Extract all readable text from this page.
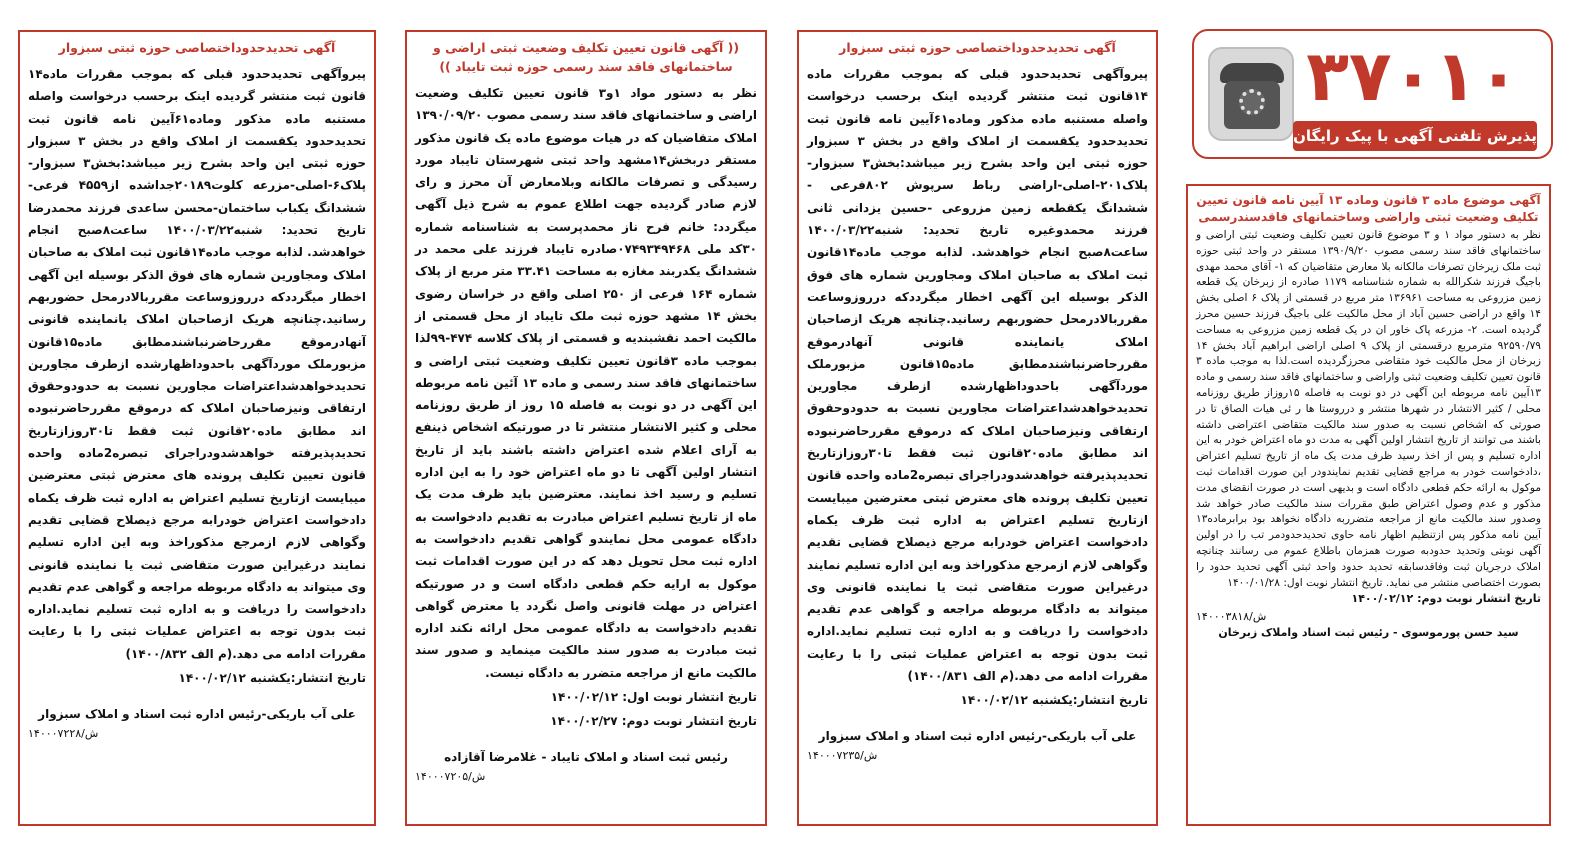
آگهی تحدیدحدوداختصاصی حوزه ثبتی سبزوار
پیروآگهی تحدیدحدود قبلی که بموجب مقررات ماده۱۴ قانون ثبت منتشر گردیده اینک برحسب درخواست واصله مستنبه ماده مذکور وماده۶۱آیین نامه قانون ثبت تحدیدحدود یکقسمت از املاک واقع در بخش ۳ سبزوار حوزه ثبتی این واحد بشرح زیر میباشد:بخش۳ سبزوار- پلاک۶-اصلی-مزرعه کلوت۲۰۱۸۹جداشده از۴۵۵۹ فرعی-ششدانگ یکباب ساختمان-محسن ساعدی فرزند محمدرضا تاریخ تحدید: شنبه۱۴۰۰/۰۳/۲۲ ساعت۸صبح انجام خواهدشد. لذابه موجب ماده۱۴قانون ثبت املاک به صاحبان املاک ومجاورین شماره های فوق الذکر بوسیله این آگهی اخطار میگرددکه درروزوساعت مقرربالادرمحل حضوربهم رسانید.چنانچه هریک ازصاحبان املاک یانماینده قانونی آنهادرموقع مقررحاضرنباشندمطابق ماده۱۵قانون مزبورملک موردآگهی باحدوداظهارشده ازطرف مجاورین تحدیدخواهدشداعتراضات مجاورین نسبت به حدودوحقوق ارتفاقی ونیزصاحبان املاک که درموقع مقررحاضرنبوده اند مطابق ماده۲۰قانون ثبت فقط تا۳۰روزازتاریخ تحدیدپذیرفته خواهدشدودراجرای تبصره2ماده واحده قانون تعیین تکلیف پرونده های معترض ثبتی معترضین میبایست ازتاریخ تسلیم اعتراض به اداره ثبت ظرف یکماه دادخواست اعتراض خودرابه مرجع ذیصلاح قضایی تقدیم وگواهی لازم ازمرجع مذکوراخذ وبه این اداره تسلیم نمایند درغیراین صورت متقاضی ثبت یا نماینده قانونی وی میتواند به دادگاه مربوطه مراجعه و گواهی عدم تقدیم دادخواست را دریافت و به اداره ثبت تسلیم نماید.اداره ثبت بدون توجه به اعتراض عملیات ثبتی را با رعایت مقررات ادامه می دهد.(م الف ۱۴۰۰/۸۳۲)
تاریخ انتشار:یکشنبه ۱۴۰۰/۰۲/۱۲
علی آب باریکی-رئیس اداره ثبت اسناد و املاک سبزوار
۱۴۰۰۰۷۲۲۸/ش
(( آگهی قانون تعیین تکلیف وضعیت ثبتی اراضی و ساختمانهای فاقد سند رسمی حوزه ثبت تایباد ))
نظر به دستور مواد ۱و۳ قانون تعیین تکلیف وضعیت اراضی و ساختمانهای فاقد سند رسمی مصوب ۱۳۹۰/۰۹/۲۰ املاک متقاضیان که در هیات موضوع ماده یک قانون مذکور مستقر دربخش۱۴مشهد واحد ثبتی شهرستان تایباد مورد رسیدگی و تصرفات مالکانه وبلامعارض آن محرز و رای لازم صادر گردیده جهت اطلاع عموم به شرح ذیل آگهی میگردد: خانم فرح ناز محمدپرست به شناسنامه شماره ۳۰کد ملی ۰۷۴۹۳۴۹۴۶۸صادره تایباد فرزند علی محمد در ششدانگ یکدربند مغازه به مساحت ۳۳.۴۱ متر مربع از پلاک شماره ۱۶۴ فرعی از ۲۵۰ اصلی واقع در خراسان رضوی بخش ۱۴ مشهد حوزه ثبت ملک تایباد از محل قسمتی از مالکیت احمد نقشبندیه و قسمتی از پلاک کلاسه ۴۷۴-۹۹لذا بموجب ماده ۳قانون تعیین تکلیف وضعیت ثبتی اراضی و ساختمانهای فاقد سند رسمی و ماده ۱۳ آئین نامه مربوطه این آگهی در دو نوبت به فاصله ۱۵ روز از طریق روزنامه محلی و کثیر الانتشار منتشر تا در صورتیکه اشخاص ذینفع به آرای اعلام شده اعتراض داشته باشند باید از تاریخ انتشار اولین آگهی تا دو ماه اعتراض خود را به این اداره تسلیم و رسید اخذ نمایند. معترضین باید ظرف مدت یک ماه از تاریخ تسلیم اعتراض مبادرت به تقدیم دادخواست به دادگاه عمومی محل نمایندو گواهی تقدیم دادخواست به اداره ثبت محل تحویل دهد که در این صورت اقدامات ثبت موکول به ارایه حکم قطعی دادگاه است و در صورتیکه اعتراض در مهلت قانونی واصل نگردد یا معترض گواهی تقدیم دادخواست به دادگاه عمومی محل ارائه نکند اداره ثبت مبادرت به صدور سند مالکیت مینماید و صدور سند مالکیت مانع از مراجعه متضرر به دادگاه نیست.
تاریخ انتشار نوبت اول: ۱۴۰۰/۰۲/۱۲
تاریخ انتشار نوبت دوم: ۱۴۰۰/۰۲/۲۷
رئیس ثبت اسناد و املاک تایباد - غلامرضا آقازاده
۱۴۰۰۰۷۲۰۵/ش
آگهی تحدیدحدوداختصاصی حوزه ثبتی سبزوار
پیروآگهی تحدیدحدود قبلی که بموجب مقررات ماده ۱۴قانون ثبت منتشر گردیده اینک برحسب درخواست واصله مستنبه ماده مذکور وماده۶۱آیین نامه قانون ثبت تحدیدحدود یکقسمت از املاک واقع در بخش ۳ سبزوار حوزه ثبتی این واحد بشرح زیر میباشد:بخش۳ سبزوار- پلاک۲۰۱-اصلی-اراضی رباط سرپوش ۸۰۲فرعی - ششدانگ یکقطعه زمین مزروعی -حسین یزدانی ثانی فرزند محمدوغیره تاریخ تحدید: شنبه۱۴۰۰/۰۳/۲۲ ساعت۸صبح انجام خواهدشد. لذابه موجب ماده۱۴قانون ثبت املاک به صاحبان املاک ومجاورین شماره های فوق الذکر بوسیله این آگهی اخطار میگرددکه درروزوساعت مقرربالادرمحل حضوربهم رسانید.چنانچه هریک ازصاحبان املاک یانماینده قانونی آنهادرموقع مقررحاضرنباشندمطابق ماده۱۵قانون مزبورملک موردآگهی باحدوداظهارشده ازطرف مجاورین تحدیدخواهدشداعتراضات مجاورین نسبت به حدودوحقوق ارتفاقی ونیزصاحبان املاک که درموقع مقررحاضرنبوده اند مطابق ماده۲۰قانون ثبت فقط تا۳۰روزازتاریخ تحدیدپذیرفته خواهدشدودراجرای تبصره2ماده واحده قانون تعیین تکلیف پرونده های معترض ثبتی معترضین میبایست ازتاریخ تسلیم اعتراض به اداره ثبت ظرف یکماه دادخواست اعتراض خودرابه مرجع ذیصلاح قضایی تقدیم وگواهی لازم ازمرجع مذکوراخذ وبه این اداره تسلیم نمایند درغیراین صورت متقاضی ثبت یا نماینده قانونی وی میتواند به دادگاه مربوطه مراجعه و گواهی عدم تقدیم دادخواست را دریافت و به اداره ثبت تسلیم نماید.اداره ثبت بدون توجه به اعتراض عملیات ثبتی را با رعایت مقررات ادامه می دهد.(م الف ۱۴۰۰/۸۳۱)
تاریخ انتشار:یکشنبه ۱۴۰۰/۰۲/۱۲
علی آب باریکی-رئیس اداره ثبت اسناد و املاک سبزوار
۱۴۰۰۰۷۲۳۵/ش
۳۷۰۱۰
پذیرش تلفنی آگهی با پیک رایگان
آگهی موضوع ماده ۳ قانون وماده ۱۳ آیین نامه قانون تعیین تکلیف وضعیت ثبتی واراضی وساختمانهای فاقدسندرسمی
نظر به دستور مواد ۱ و ۳ موضوع قانون تعیین تکلیف وضعیت ثبتی اراضی و ساختمانهای فاقد سند رسمی مصوب ۱۳۹۰/۹/۲۰ مستقر در واحد ثبتی حوزه ثبت ملک زیرخان تصرفات مالکانه بلا معارض متقاضیان که ۱- آقای محمد مهدی باجیگ فرزند شکرالله به شماره شناسنامه ۱۱۷۹ صادره از زبرخان یک قطعه زمین مزروعی به مساحت ۱۳۶۹۶۱ متر مربع در قسمتی از پلاک ۶ اصلی بخش ۱۴ واقع در اراضی حسین آباد از محل مالکیت علی باجیگ فرزند حسین محرز گردیده است. ۲- مزرعه پاک خاور ان در یک قطعه زمین مزروعی به مساحت ۹۲۵۹۰/۷۹ مترمربع درقسمتی از پلاک ۹ اصلی اراضی ابراهیم آباد بخش ۱۴ زبرخان از محل مالکیت خود متقاضی محرزگردیده است.لذا به موجب ماده ۳ قانون تعیین تکلیف وضعیت ثبتی واراضی و ساختمانهای فاقد سند رسمی و ماده ۱۳آیین نامه مربوطه این آگهی در دو نوبت به فاصله ۱۵روزاز طریق روزنامه محلی / کثیر الانتشار در شهرها منتشر و درروستا ها ر ئی هیات الصاق تا در صورتی که اشخاص نسبت به صدور سند مالکیت متقاضی اعتراضی داشته باشند می توانند از تاریخ انتشار اولین آگهی به مدت دو ماه اعتراض خودر به این اداره تسلیم و پس از اخذ رسید ظرف مدت یک ماه از تاریخ تسلیم اعتراض ،دادخواست خودر به مراجع قضایی تقدیم نمایندودر این صورت اقدامات ثبت موکول به ارائه حکم قطعی دادگاه است و بدیهی است در صورت انقضای مدت مذکور و عدم وصول اعتراض طبق مقررات سند مالکیت صادر خواهد شد وصدور سند مالکیت مانع از مراجعه متضرربه دادگاه نخواهد بود برابرماده۱۳ آیین نامه مذکور پس ازتنظیم اظهار نامه حاوی تحدیدحدودمر تب را در اولین آگهی نوبتی وتحدید حدودبه صورت همزمان باطلاع عموم می رسانند چنانچه املاک درجریان ثبت وفاقدسابقه تحدید حدود واحد ثبتی آگهی تحدید حدود را بصورت اختصاصی منتشر می نماید. تاریخ انتشار نوبت اول: ۱۴۰۰/۰۱/۲۸
تاریخ انتشار نوبت دوم: ۱۴۰۰/۰۲/۱۲
۱۴۰۰۰۳۸۱۸/ش
سید حسن پورموسوی - رئیس ثبت اسناد واملاک زبرخان
